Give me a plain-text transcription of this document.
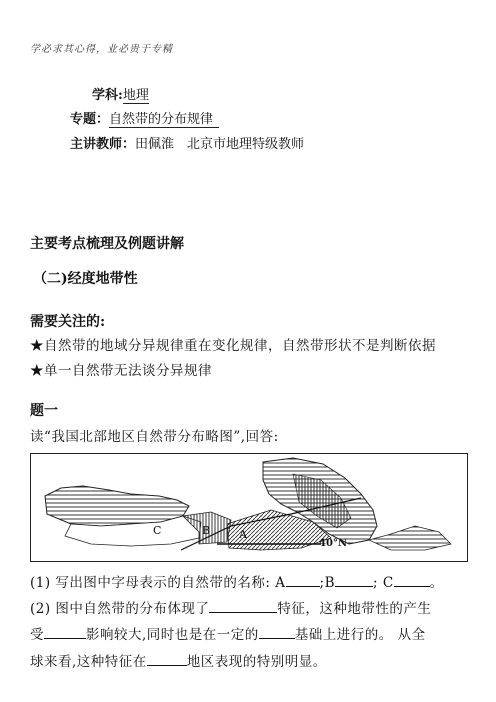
学必求其心得，业必贵于专精
学科:地理
专题：自然带的分布规律
主讲教师：田佩淮　北京市地理特级教师
主要考点梳理及例题讲解
（二)经度地带性
需要关注的:
★自然带的地域分异规律重在变化规律，自然带形状不是判断依据
★单一自然带无法谈分异规律
题一
读“我国北部地区自然带分布略图”,回答:
C	B	A
40°N
(1) 写出图中字母表示的自然带的名称: A	;B	; C	。
(2) 图中自然带的分布体现了	特征，这种地带性的产生
受	影响较大,同时也是在一定的	基础上进行的。 从全
球来看,这种特征在	地区表现的特别明显。
